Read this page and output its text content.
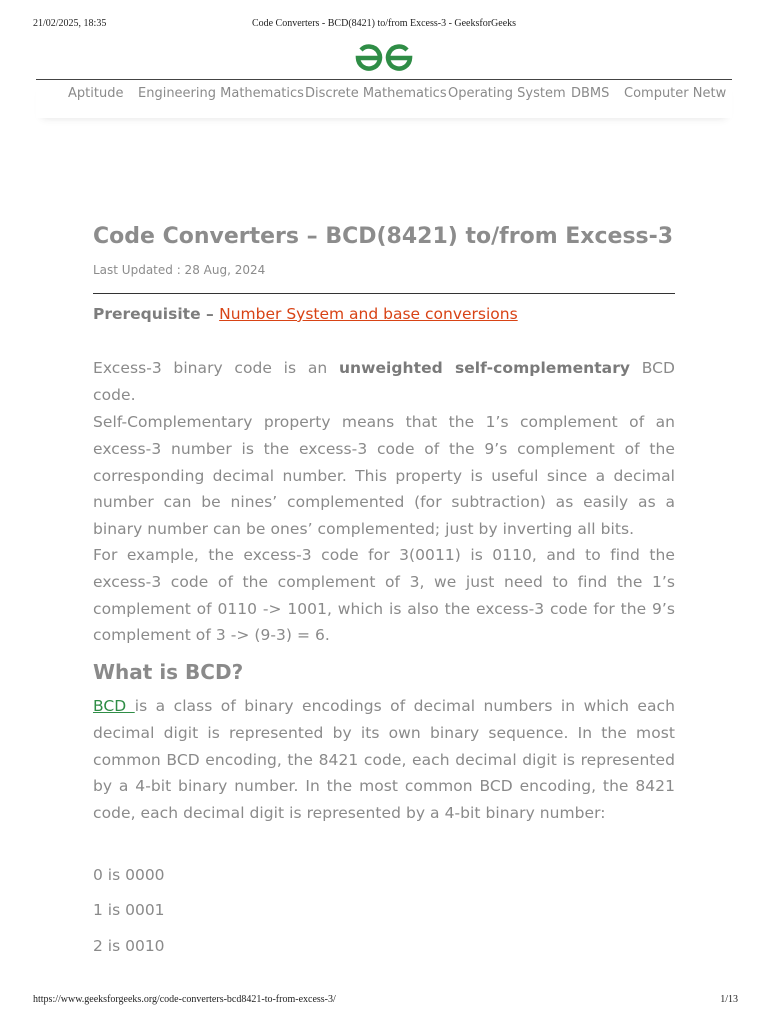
21/02/2025, 18:35	Code Converters - BCD(8421) to/from Excess-3 - GeeksforGeeks
Aptitude Engineering Mathematics Discrete Mathematics Operating System DBMS Computer Netw
Code Converters – BCD(8421) to/from Excess-3
Last Updated : 28 Aug, 2024
Prerequisite – Number System and base conversions
Excess-3 binary code is an unweighted self-complementary BCD code.
Self-Complementary property means that the 1’s complement of an excess-3 number is the excess-3 code of the 9’s complement of the corresponding decimal number. This property is useful since a decimal number can be nines’ complemented (for subtraction) as easily as a binary number can be ones’ complemented; just by inverting all bits.
For example, the excess-3 code for 3(0011) is 0110, and to find the excess-3 code of the complement of 3, we just need to find the 1’s complement of 0110 -> 1001, which is also the excess-3 code for the 9’s complement of 3 -> (9-3) = 6.
What is BCD?
BCD is a class of binary encodings of decimal numbers in which each decimal digit is represented by its own binary sequence. In the most common BCD encoding, the 8421 code, each decimal digit is represented by a 4-bit binary number. In the most common BCD encoding, the 8421 code, each decimal digit is represented by a 4-bit binary number:
0 is 0000
1 is 0001
2 is 0010
https://www.geeksforgeeks.org/code-converters-bcd8421-to-from-excess-3/	1/13
